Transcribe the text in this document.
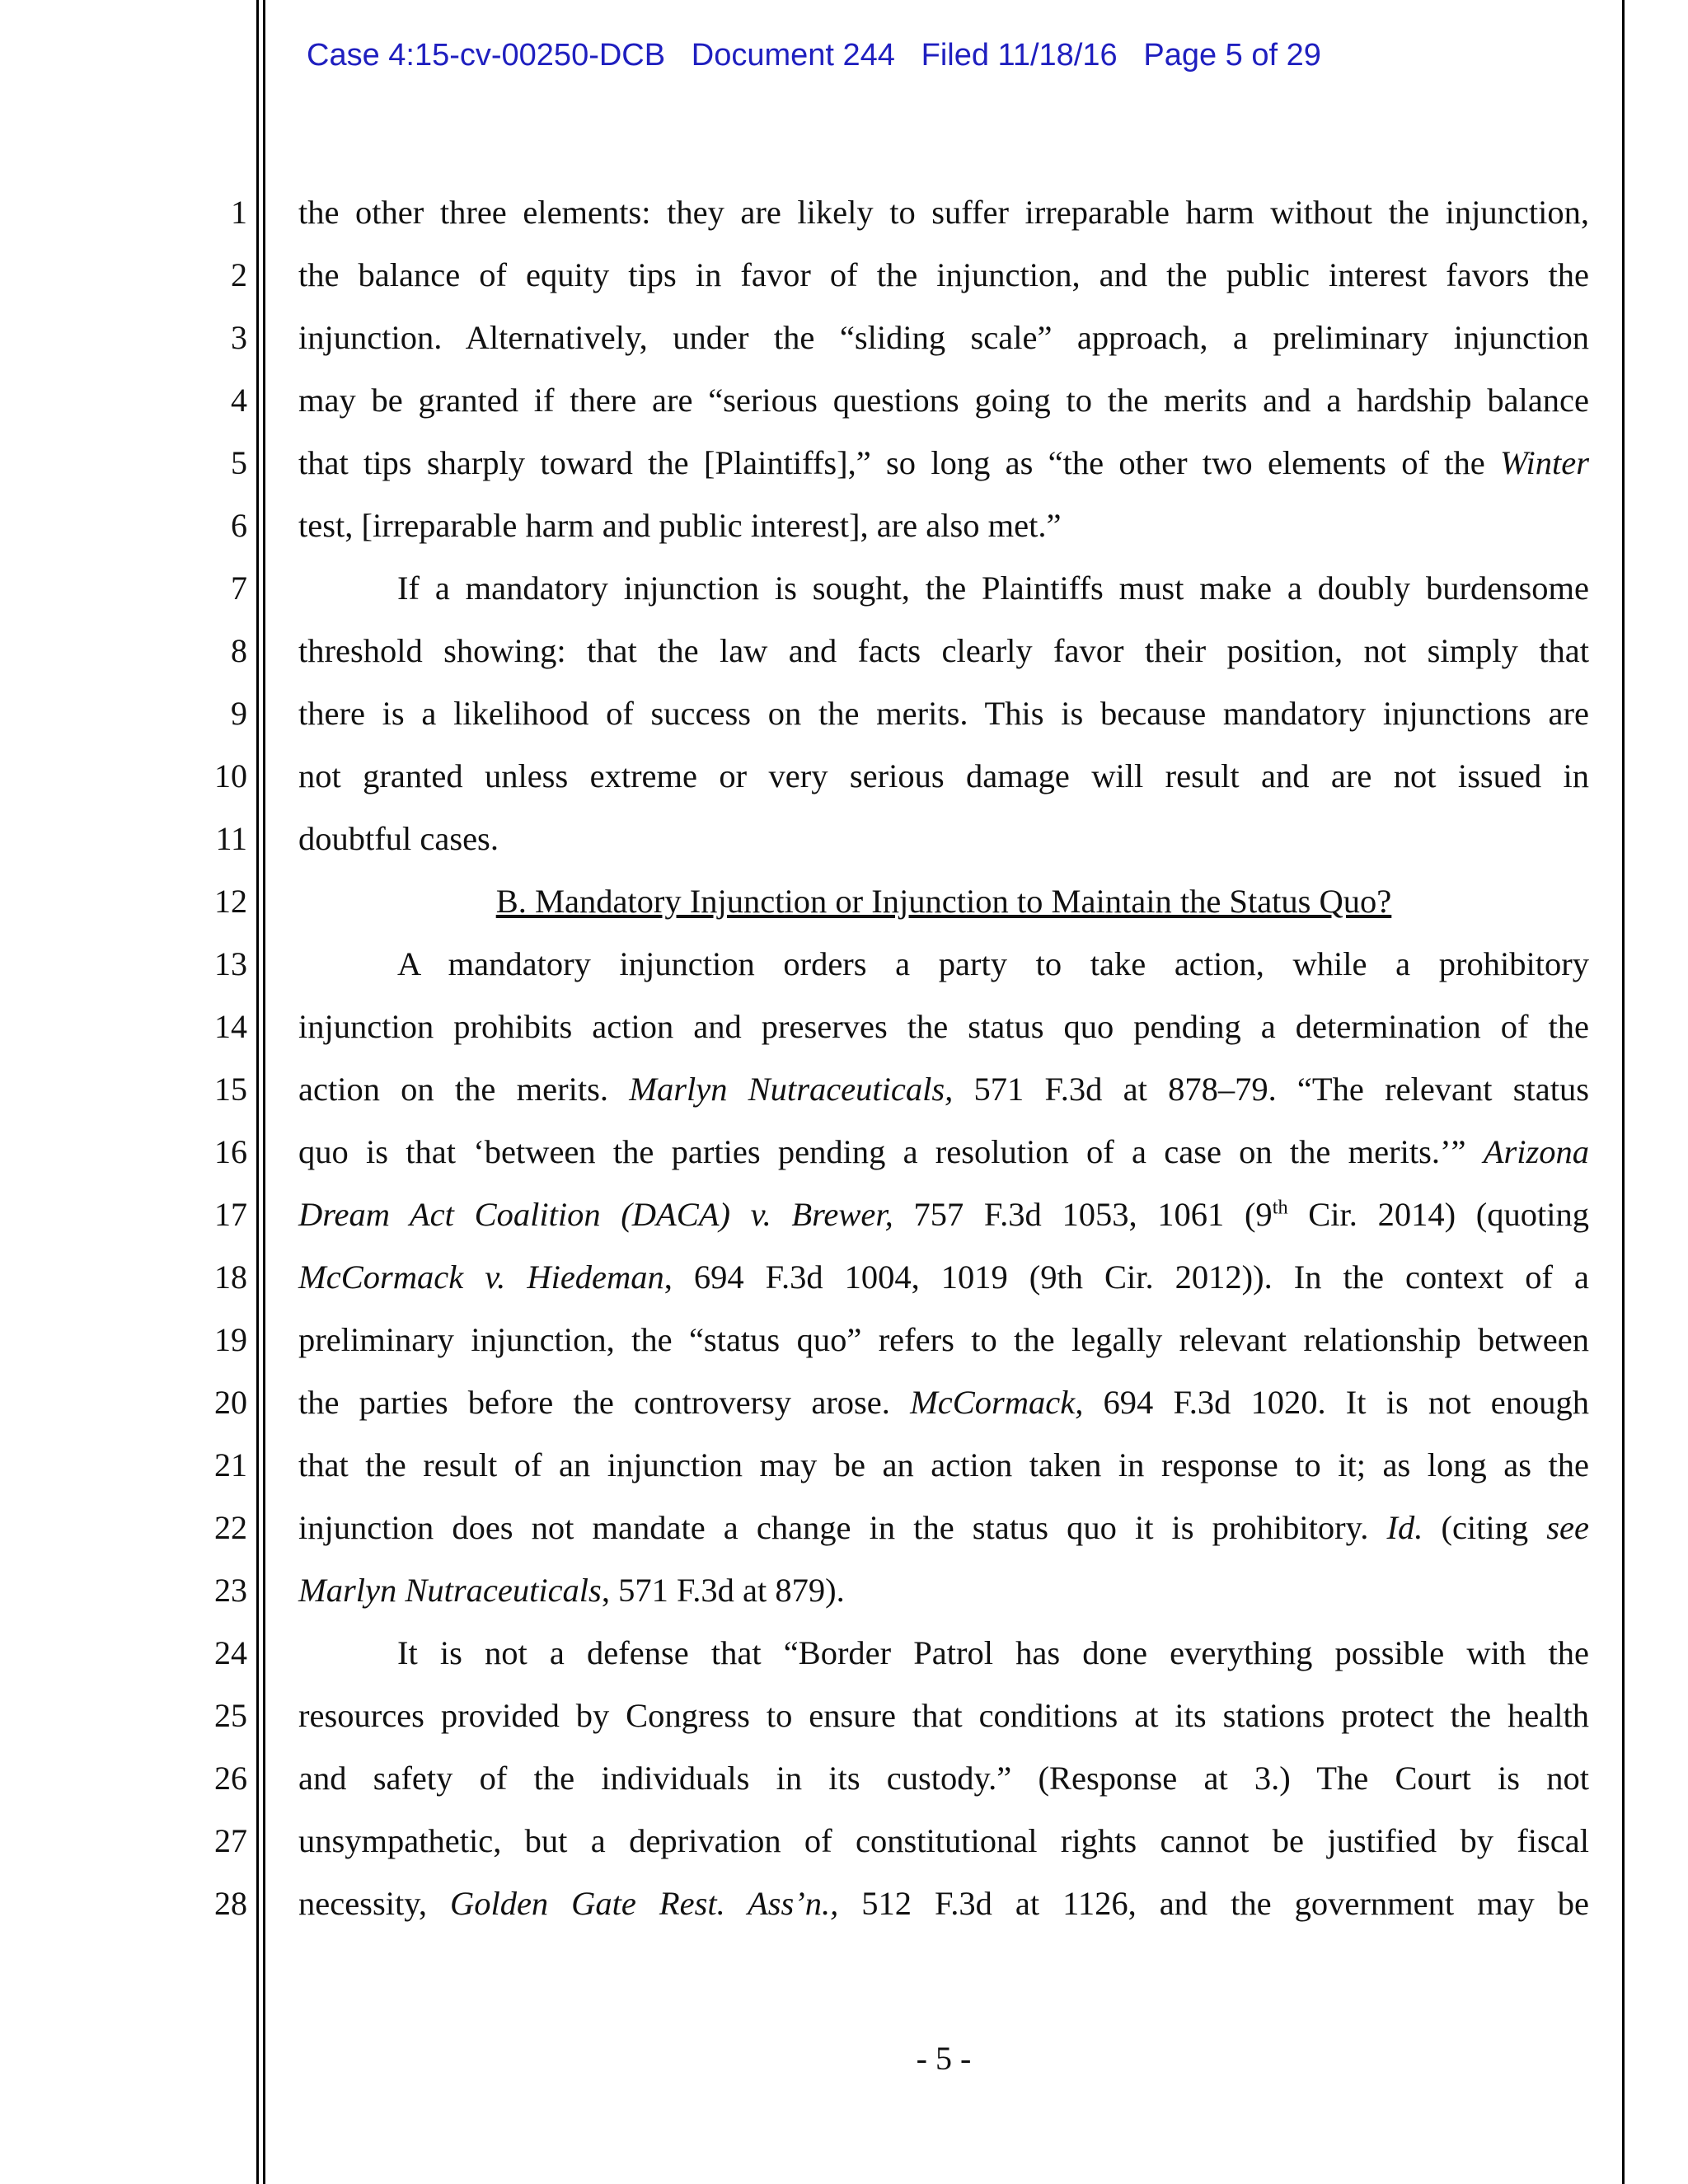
Case 4:15-cv-00250-DCB Document 244 Filed 11/18/16 Page 5 of 29
1
2
3
4
5
6
7
8
9
10
11
12
13
14
15
16
17
18
19
20
21
22
23
24
25
26
27
28
the other three elements: they are likely to suffer irreparable harm without the injunction,
the balance of equity tips in favor of the injunction, and the public interest favors the
injunction. Alternatively, under the “sliding scale” approach, a preliminary injunction
may be granted if there are “serious questions going to the merits and a hardship balance
that tips sharply toward the [Plaintiffs],” so long as “the other two elements of the Winter
test, [irreparable harm and public interest], are also met.”
If a mandatory injunction is sought, the Plaintiffs must make a doubly burdensome
threshold showing: that the law and facts clearly favor their position, not simply that
there is a likelihood of success on the merits. This is because mandatory injunctions are
not granted unless extreme or very serious damage will result and are not issued in
doubtful cases.
B. Mandatory Injunction or Injunction to Maintain the Status Quo?
A mandatory injunction orders a party to take action, while a prohibitory
injunction prohibits action and preserves the status quo pending a determination of the
action on the merits. Marlyn Nutraceuticals, 571 F.3d at 878–79. “The relevant status
quo is that ‘between the parties pending a resolution of a case on the merits.’” Arizona
Dream Act Coalition (DACA) v. Brewer, 757 F.3d 1053, 1061 (9th Cir. 2014) (quoting
McCormack v. Hiedeman, 694 F.3d 1004, 1019 (9th Cir. 2012)). In the context of a
preliminary injunction, the “status quo” refers to the legally relevant relationship between
the parties before the controversy arose. McCormack, 694 F.3d 1020. It is not enough
that the result of an injunction may be an action taken in response to it; as long as the
injunction does not mandate a change in the status quo it is prohibitory. Id. (citing see
Marlyn Nutraceuticals, 571 F.3d at 879).
It is not a defense that “Border Patrol has done everything possible with the
resources provided by Congress to ensure that conditions at its stations protect the health
and safety of the individuals in its custody.” (Response at 3.) The Court is not
unsympathetic, but a deprivation of constitutional rights cannot be justified by fiscal
necessity, Golden Gate Rest. Ass’n., 512 F.3d at 1126, and the government may be
- 5 -
